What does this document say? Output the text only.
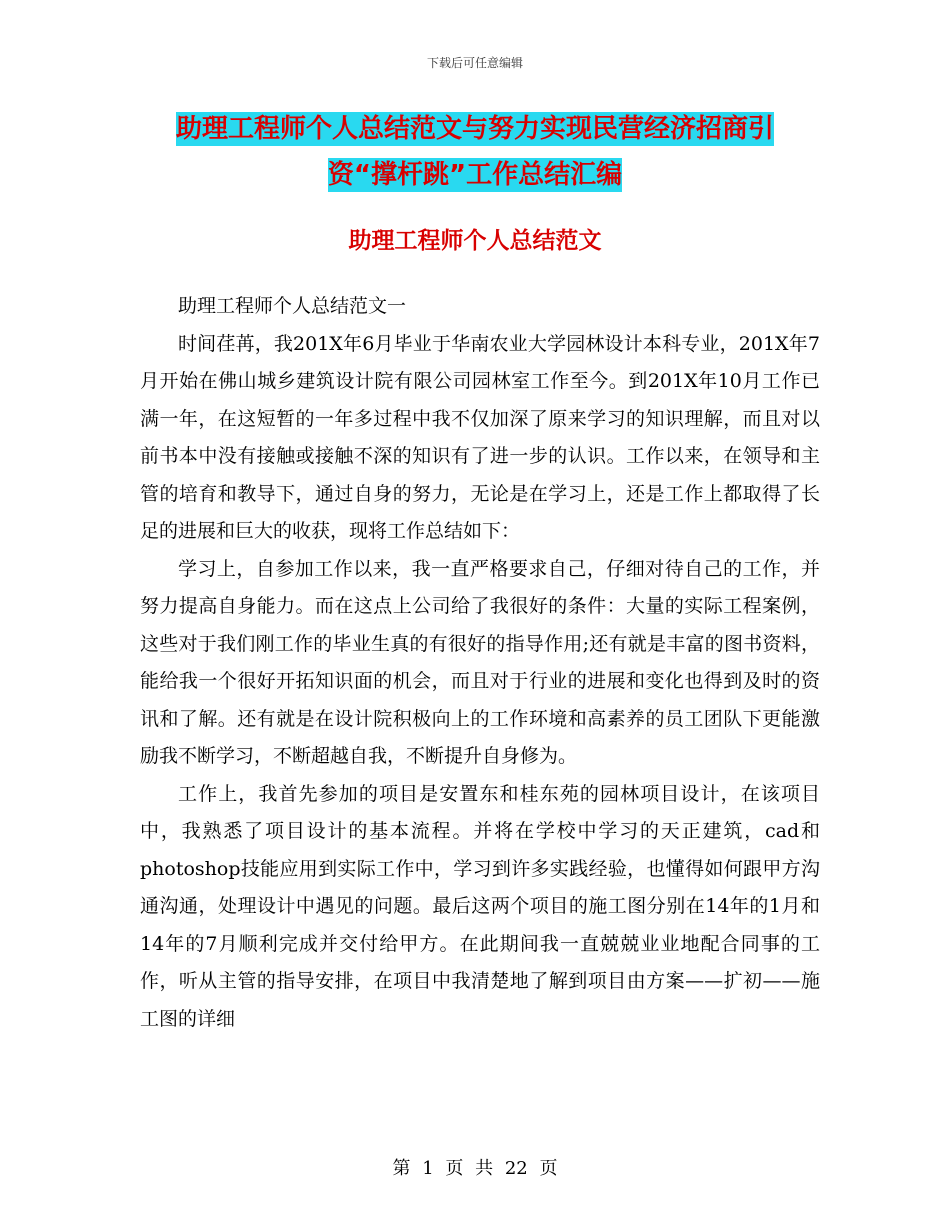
下载后可任意编辑
助理工程师个人总结范文与努力实现民营经济招商引
资“撑杆跳”工作总结汇编
助理工程师个人总结范文

助理工程师个人总结范文一

时间荏苒，我201X年6月毕业于华南农业大学园林设计本科专业，201X年7月开始在佛山城乡建筑设计院有限公司园林室工作至今。到201X年10月工作已满一年，在这短暂的一年多过程中我不仅加深了原来学习的知识理解，而且对以前书本中没有接触或接触不深的知识有了进一步的认识。工作以来，在领导和主管的培育和教导下，通过自身的努力，无论是在学习上，还是工作上都取得了长足的进展和巨大的收获，现将工作总结如下：

学习上，自参加工作以来，我一直严格要求自己，仔细对待自己的工作，并努力提高自身能力。而在这点上公司给了我很好的条件：大量的实际工程案例，这些对于我们刚工作的毕业生真的有很好的指导作用;还有就是丰富的图书资料，能给我一个很好开拓知识面的机会，而且对于行业的进展和变化也得到及时的资讯和了解。还有就是在设计院积极向上的工作环境和高素养的员工团队下更能激励我不断学习，不断超越自我，不断提升自身修为。

工作上，我首先参加的项目是安置东和桂东苑的园林项目设计，在该项目中，我熟悉了项目设计的基本流程。并将在学校中学习的天正建筑，cad和photoshop技能应用到实际工作中，学习到许多实践经验，也懂得如何跟甲方沟通沟通，处理设计中遇见的问题。最后这两个项目的施工图分别在14年的1月和14年的7月顺利完成并交付给甲方。在此期间我一直兢兢业业地配合同事的工作，听从主管的指导安排，在项目中我清楚地了解到项目由方案——扩初——施工图的详细

第 1 页 共 22 页
